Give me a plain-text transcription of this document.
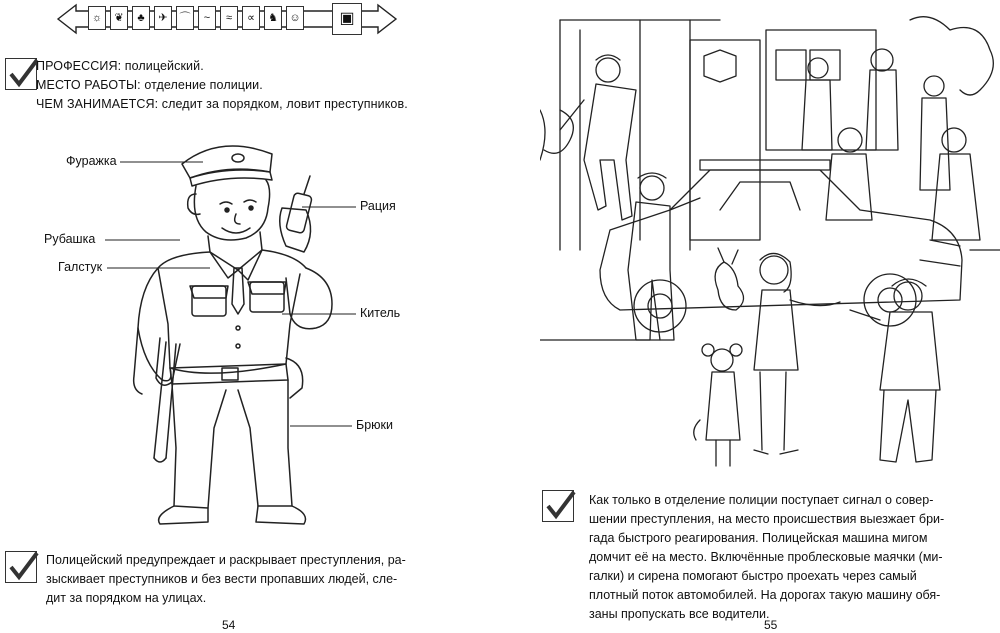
☼	❦	♣	✈	⌒	~	≈	∝	♞	☺	▣
ПРОФЕССИЯ: полицейский.
МЕСТО РАБОТЫ: отделение полиции.
ЧЕМ ЗАНИМАЕТСЯ: следит за порядком, ловит преступников.
Фуражка
Рубашка
Галстук
Рация
Китель
Брюки
Полицейский предупреждает и раскрывает преступления, ра-
зыскивает преступников и без вести пропавших людей, сле-
дит за порядком на улицах.
54
Как только в отделение полиции поступает сигнал о совер-
шении преступления, на место происшествия выезжает бри-
гада быстрого реагирования. Полицейская машина мигом
домчит её на место. Включённые проблесковые маячки (ми-
галки) и сирена помогают быстро проехать через самый
плотный поток автомобилей. На дорогах такую машину обя-
заны пропускать все водители.
55
